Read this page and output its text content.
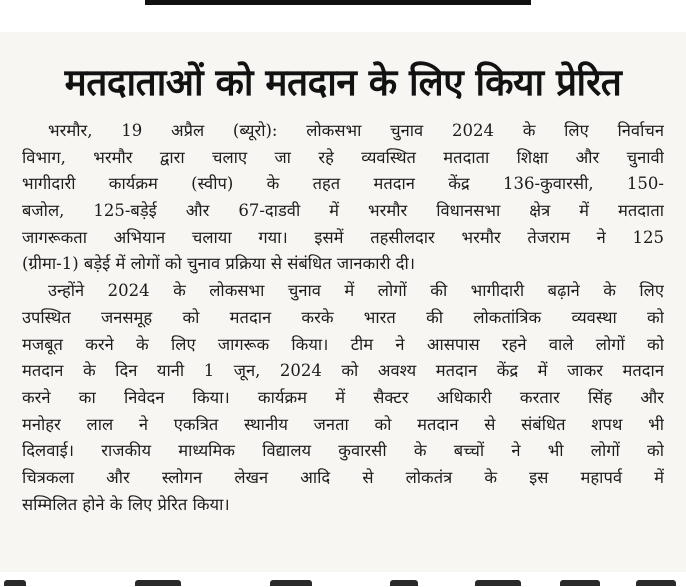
मतदाताओं को मतदान के लिए किया प्रेरित
भरमौर, 19 अप्रैल (ब्यूरो): लोकसभा चुनाव 2024 के लिए निर्वाचन
विभाग, भरमौर द्वारा चलाए जा रहे व्यवस्थित मतदाता शिक्षा और चुनावी
भागीदारी कार्यक्रम (स्वीप) के तहत मतदान केंद्र 136-कुवारसी, 150-
बजोल, 125-बड़ेई और 67-दाडवी में भरमौर विधानसभा क्षेत्र में मतदाता
जागरूकता अभियान चलाया गया। इसमें तहसीलदार भरमौर तेजराम ने 125
(ग्रीमा-1) बड़ेई में लोगों को चुनाव प्रक्रिया से संबंधित जानकारी दी।
उन्होंने 2024 के लोकसभा चुनाव में लोगों की भागीदारी बढ़ाने के लिए
उपस्थित जनसमूह को मतदान करके भारत की लोकतांत्रिक व्यवस्था को
मजबूत करने के लिए जागरूक किया। टीम ने आसपास रहने वाले लोगों को
मतदान के दिन यानी 1 जून, 2024 को अवश्य मतदान केंद्र में जाकर मतदान
करने का निवेदन किया। कार्यक्रम में सैक्टर अधिकारी करतार सिंह और
मनोहर लाल ने एकत्रित स्थानीय जनता को मतदान से संबंधित शपथ भी
दिलवाई। राजकीय माध्यमिक विद्यालय कुवारसी के बच्चों ने भी लोगों को
चित्रकला और स्लोगन लेखन आदि से लोकतंत्र के इस महापर्व में
सम्मिलित होने के लिए प्रेरित किया।
